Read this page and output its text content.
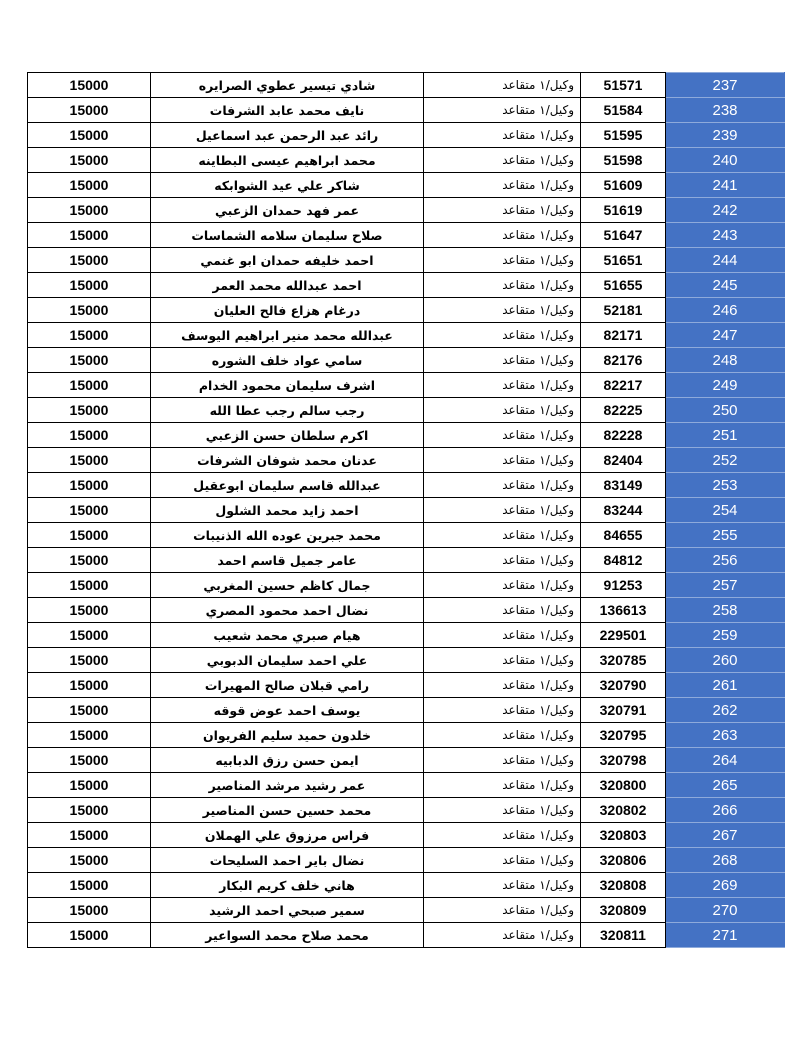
15000	شادي تيسير عطوي الصرايره	وكيل/١ متقاعد	51571	237
15000	نايف محمد عابد الشرفات	وكيل/١ متقاعد	51584	238
15000	رائد عبد الرحمن عبد اسماعيل	وكيل/١ متقاعد	51595	239
15000	محمد ابراهيم عيسى البطاينه	وكيل/١ متقاعد	51598	240
15000	شاكر علي عيد الشوابكه	وكيل/١ متقاعد	51609	241
15000	عمر فهد حمدان الزعبي	وكيل/١ متقاعد	51619	242
15000	صلاح سليمان سلامه الشماسات	وكيل/١ متقاعد	51647	243
15000	احمد خليفه حمدان ابو غنمي	وكيل/١ متقاعد	51651	244
15000	احمد عبدالله محمد العمر	وكيل/١ متقاعد	51655	245
15000	درغام هزاع فالح العليان	وكيل/١ متقاعد	52181	246
15000	عبدالله محمد منير ابراهيم اليوسف	وكيل/١ متقاعد	82171	247
15000	سامي عواد خلف الشوره	وكيل/١ متقاعد	82176	248
15000	اشرف سليمان محمود الخدام	وكيل/١ متقاعد	82217	249
15000	رجب سالم رجب عطا الله	وكيل/١ متقاعد	82225	250
15000	اكرم سلطان حسن الزعبي	وكيل/١ متقاعد	82228	251
15000	عدنان محمد شوفان الشرفات	وكيل/١ متقاعد	82404	252
15000	عبدالله قاسم سليمان ابوعقيل	وكيل/١ متقاعد	83149	253
15000	احمد زايد محمد الشلول	وكيل/١ متقاعد	83244	254
15000	محمد جبرين عوده الله الذنيبات	وكيل/١ متقاعد	84655	255
15000	عامر جميل قاسم احمد	وكيل/١ متقاعد	84812	256
15000	جمال كاظم حسين المغربي	وكيل/١ متقاعد	91253	257
15000	نضال احمد محمود المصري	وكيل/١ متقاعد	136613	258
15000	هيام صبري محمد شعيب	وكيل/١ متقاعد	229501	259
15000	علي احمد سليمان الدبوبي	وكيل/١ متقاعد	320785	260
15000	رامي قبلان صالح المهيرات	وكيل/١ متقاعد	320790	261
15000	يوسف احمد عوض قوقه	وكيل/١ متقاعد	320791	262
15000	خلدون حميد سليم الفريوان	وكيل/١ متقاعد	320795	263
15000	ايمن حسن رزق الدبابيه	وكيل/١ متقاعد	320798	264
15000	عمر رشيد مرشد المناصير	وكيل/١ متقاعد	320800	265
15000	محمد حسين حسن المناصير	وكيل/١ متقاعد	320802	266
15000	فراس مرزوق علي الهملان	وكيل/١ متقاعد	320803	267
15000	نضال باير احمد السليحات	وكيل/١ متقاعد	320806	268
15000	هاني خلف كريم البكار	وكيل/١ متقاعد	320808	269
15000	سمير صبحي احمد الرشيد	وكيل/١ متقاعد	320809	270
15000	محمد صلاح محمد السواعير	وكيل/١ متقاعد	320811	271
